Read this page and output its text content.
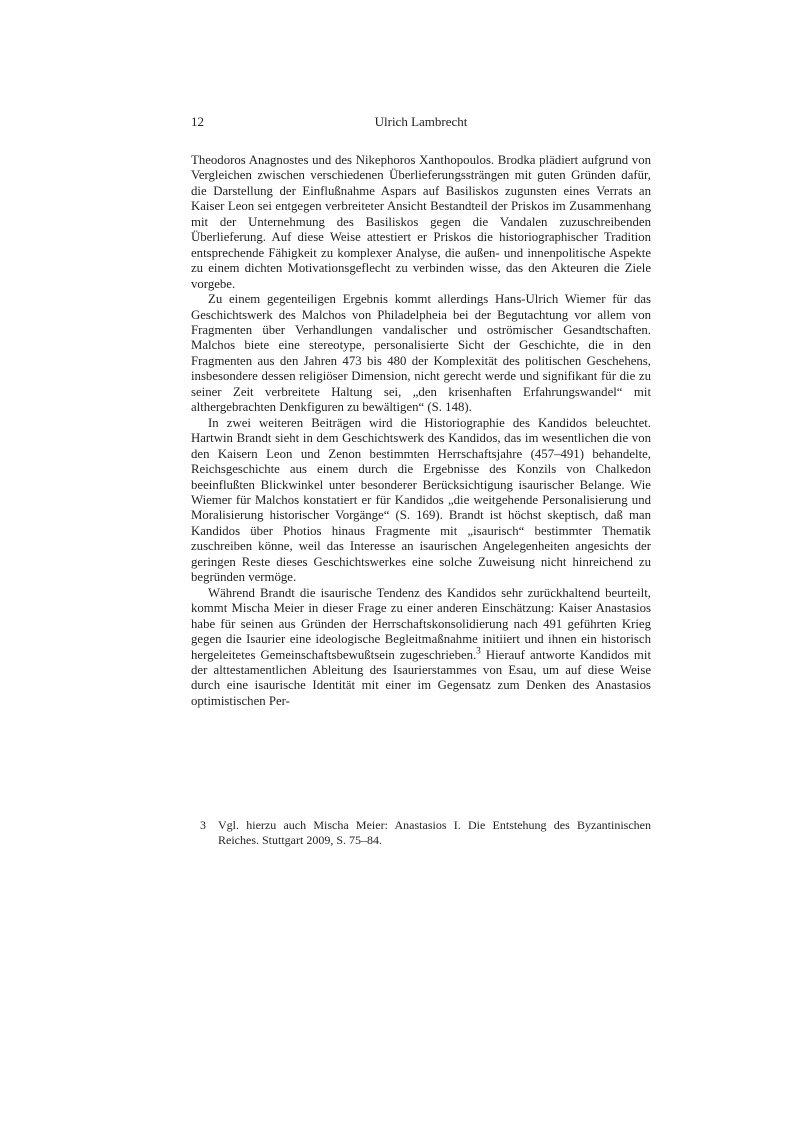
12	Ulrich Lambrecht

Theodoros Anagnostes und des Nikephoros Xanthopoulos. Brodka plädiert aufgrund von Vergleichen zwischen verschiedenen Überlieferungssträngen mit guten Gründen dafür, die Darstellung der Einflußnahme Aspars auf Basiliskos zugunsten eines Verrats an Kaiser Leon sei entgegen verbreiteter Ansicht Bestandteil der Priskos im Zusammenhang mit der Unternehmung des Basiliskos gegen die Vandalen zuzuschreibenden Überlieferung. Auf diese Weise attestiert er Priskos die historiographischer Tradition entsprechende Fähigkeit zu komplexer Analyse, die außen- und innenpolitische Aspekte zu einem dichten Motivationsgeflecht zu verbinden wisse, das den Akteuren die Ziele vorgebe.

Zu einem gegenteiligen Ergebnis kommt allerdings Hans-Ulrich Wiemer für das Geschichtswerk des Malchos von Philadelpheia bei der Begutachtung vor allem von Fragmenten über Verhandlungen vandalischer und oströmischer Gesandtschaften. Malchos biete eine stereotype, personalisierte Sicht der Geschichte, die in den Fragmenten aus den Jahren 473 bis 480 der Komplexität des politischen Geschehens, insbesondere dessen religiöser Dimension, nicht gerecht werde und signifikant für die zu seiner Zeit verbreitete Haltung sei, „den krisenhaften Erfahrungswandel“ mit althergebrachten Denkfiguren zu bewältigen“ (S. 148).

In zwei weiteren Beiträgen wird die Historiographie des Kandidos beleuchtet. Hartwin Brandt sieht in dem Geschichtswerk des Kandidos, das im wesentlichen die von den Kaisern Leon und Zenon bestimmten Herrschaftsjahre (457–491) behandelte, Reichsgeschichte aus einem durch die Ergebnisse des Konzils von Chalkedon beeinflußten Blickwinkel unter besonderer Berücksichtigung isaurischer Belange. Wie Wiemer für Malchos konstatiert er für Kandidos „die weitgehende Personalisierung und Moralisierung historischer Vorgänge“ (S. 169). Brandt ist höchst skeptisch, daß man Kandidos über Photios hinaus Fragmente mit „isaurisch“ bestimmter Thematik zuschreiben könne, weil das Interesse an isaurischen Angelegenheiten angesichts der geringen Reste dieses Geschichtswerkes eine solche Zuweisung nicht hinreichend zu begründen vermöge.

Während Brandt die isaurische Tendenz des Kandidos sehr zurückhaltend beurteilt, kommt Mischa Meier in dieser Frage zu einer anderen Einschätzung: Kaiser Anastasios habe für seinen aus Gründen der Herrschaftskonsolidierung nach 491 geführten Krieg gegen die Isaurier eine ideologische Begleitmaßnahme initiiert und ihnen ein historisch hergeleitetes Gemeinschaftsbewußtsein zugeschrieben.$^3$ Hierauf antworte Kandidos mit der alttestamentlichen Ableitung des Isaurierstammes von Esau, um auf diese Weise durch eine isaurische Identität mit einer im Gegensatz zum Denken des Anastasios optimistischen Per-

3 Vgl. hierzu auch Mischa Meier: Anastasios I. Die Entstehung des Byzantinischen Reiches. Stuttgart 2009, S. 75–84.
